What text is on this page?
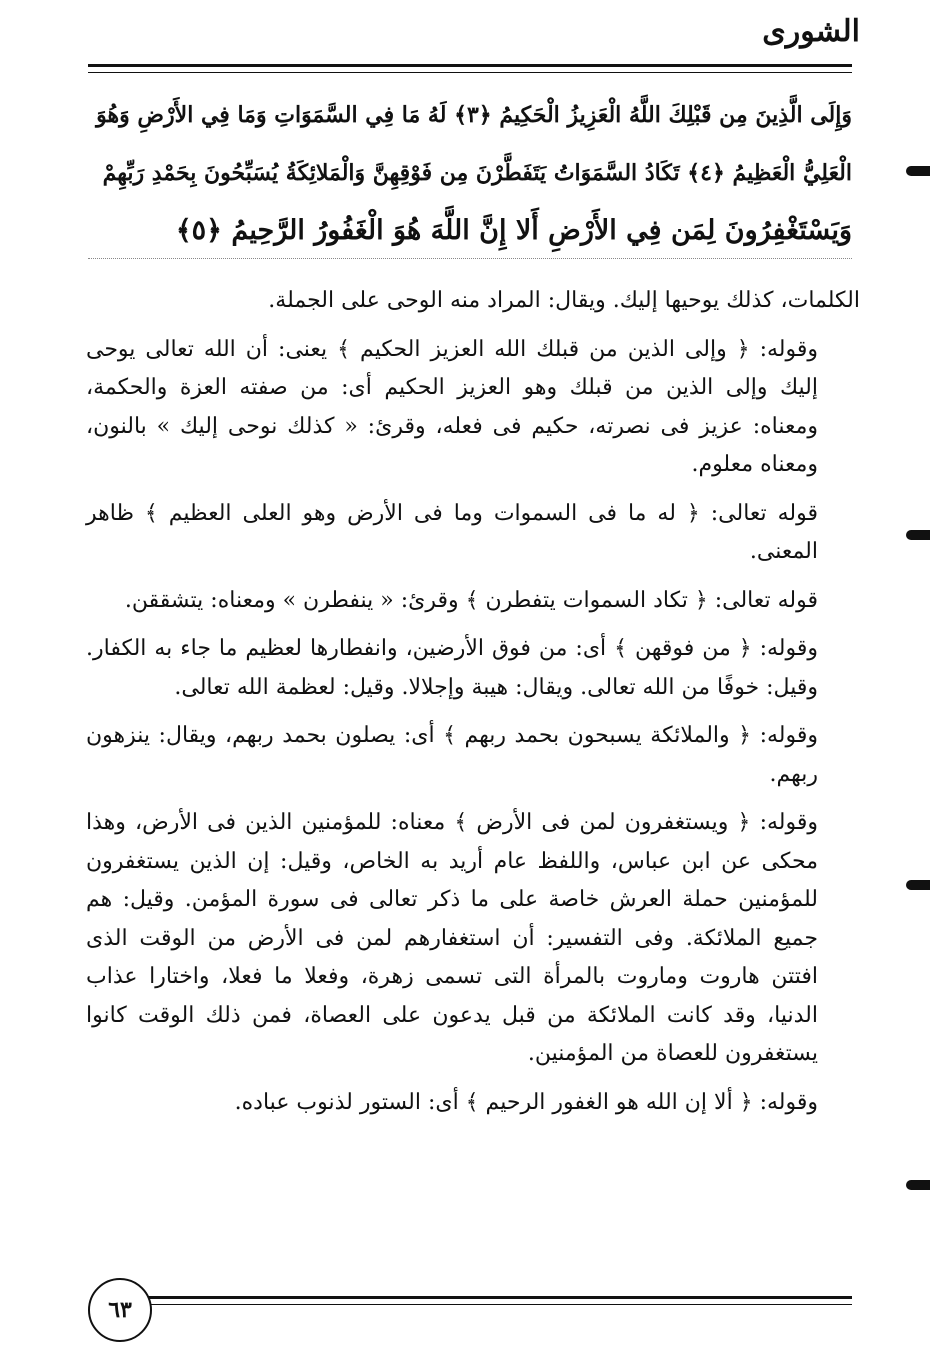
الشورى
وَإِلَى الَّذِينَ مِن قَبْلِكَ اللَّهُ الْعَزِيزُ الْحَكِيمُ ﴿٣﴾ لَهُ مَا فِي السَّمَوَاتِ وَمَا فِي الأَرْضِ وَهُوَ
الْعَلِيُّ الْعَظِيمُ ﴿٤﴾ تَكَادُ السَّمَوَاتُ يَتَفَطَّرْنَ مِن فَوْقِهِنَّ وَالْمَلائِكَةُ يُسَبِّحُونَ بِحَمْدِ رَبِّهِمْ
وَيَسْتَغْفِرُونَ لِمَن فِي الأَرْضِ أَلا إِنَّ اللَّهَ هُوَ الْغَفُورُ الرَّحِيمُ ﴿٥﴾

الكلمات، كذلك يوحيها إليك. ويقال: المراد منه الوحى على الجملة.

وقوله: ﴿ وإلى الذين من قبلك الله العزيز الحكيم ﴾ يعنى: أن الله تعالى يوحى إليك وإلى الذين من قبلك وهو العزيز الحكيم أى: من صفته العزة والحكمة، ومعناه: عزيز فى نصرته، حكيم فى فعله، وقرئ: « كذلك نوحى إليك » بالنون، ومعناه معلوم.

قوله تعالى: ﴿ له ما فى السموات وما فى الأرض وهو العلى العظيم ﴾ ظاهر المعنى.

قوله تعالى: ﴿ تكاد السموات يتفطرن ﴾ وقرئ: « ينفطرن » ومعناه: يتشققن.

وقوله: ﴿ من فوقهن ﴾ أى: من فوق الأرضين، وانفطارها لعظيم ما جاء به الكفار. وقيل: خوفًا من الله تعالى. ويقال: هيبة وإجلالا. وقيل: لعظمة الله تعالى.

وقوله: ﴿ والملائكة يسبحون بحمد ربهم ﴾ أى: يصلون بحمد ربهم، ويقال: ينزهون ربهم.

وقوله: ﴿ ويستغفرون لمن فى الأرض ﴾ معناه: للمؤمنين الذين فى الأرض، وهذا محكى عن ابن عباس، واللفظ عام أريد به الخاص، وقيل: إن الذين يستغفرون للمؤمنين حملة العرش خاصة على ما ذكر تعالى فى سورة المؤمن. وقيل: هم جميع الملائكة. وفى التفسير: أن استغفارهم لمن فى الأرض من الوقت الذى افتتن هاروت وماروت بالمرأة التى تسمى زهرة، وفعلا ما فعلا، واختارا عذاب الدنيا، وقد كانت الملائكة من قبل يدعون على العصاة، فمن ذلك الوقت كانوا يستغفرون للعصاة من المؤمنين.

وقوله: ﴿ ألا إن الله هو الغفور الرحيم ﴾ أى: الستور لذنوب عباده.

٦٣
